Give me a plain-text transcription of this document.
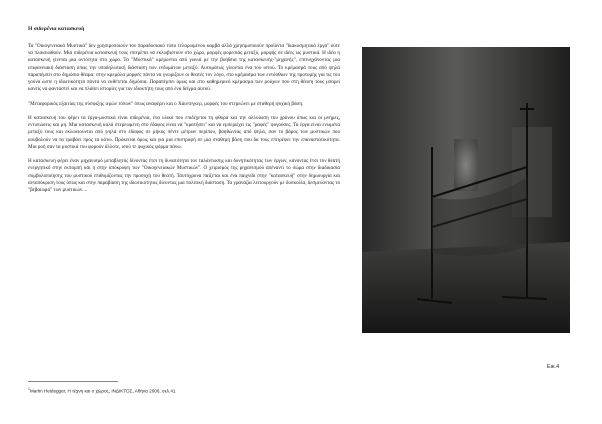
Η σιδερένια κατασκευή

Τα "Οικογενειακά Μυστικά" δεν χρησιμοποιούν τον παραδοσιακό τύπο τελαρωμένου καμβά αλλά χρησιμοποιούν προϊόντα "διακοσμητικά έργα" ούτε να πλαισιωθούν. Μια σιδερένια κατασκευή τους επιτρέπει να εκλωβιστούν στο χώρο, μορφές φορεσιάς μεταξύ, μορφής σε ιδέες ως μυστικά. Η ιδέα η κατασκευή γίνεται μια οντότητα στο χώρο. Τα "Μυστικά" κρέμονται από γωνιά με την βοήθεια της κατασκευής-"μηχανής", επιτυγχάνοντας μια επιφανειακή διάσταση όπως την υποδηλωτική διάσταση των ενδυμάτων μεταξύ. Αυτομάτως γίνονται ένα του ιστού. Το κρέμασμά τους από ψηλά παραπέμπει στο δημόσιο θέαμα: στην κρεμάλα μορφές πάντα να γνωρίζουν οι θεατές τον λόγο, στο κρέμασμα των εντόσθιων της προτομής για τις του γούνα ώστε η ιδιωτικότητα πάντα να εκθέτεται δημόσια. Παραπέμπει όμως και στο καθημερινό κρέμασμα των ρούχων που στη θέαση τους μπορεί κανείς να φανταστεί και να πλάσει ιστορίες για τον ιδιοκτήτη τους από ένα δείγμα αυτού.

"Μεταφορικός εξαιτίας της σύσφιξης ιερών τόπων" όπως αναφέρει και ο Χάιντεγκερ, μορφές του στερεώνει με σταθερή ψυχική βάση.

Η κατασκευή του φέρει τα έργα-μυστικά είναι σιδερένια, ένα υλικό που επιδέχεται τη φθορά και την αλλοίωση του χρόνου όπως και οι μνήμες, εντυπώσεις και μη. Μια κατασκευή καλά στερεωμένη στο έδαφος είναι να "κρατήσει" και να εμπεριέχει τις "ραφές" φυγούσες. Τα έργα είναι ενωμένα μεταξύ τους και εκλωνιουνται από ψηλά στο έδαφος σε μήκος πέντε μέτρων περίπου, βοηθώντας από ψηλά, σαν το βάρος των μυστικών που κουβαλούν να τα τραβάει προς τα κάτω. Πρόκειται όμως και για μια επιστροφή σε μια σταθερή βάση που δα τους επιτρέψει την επαναστατικότητα. Μια ροή σαν τα μυστικά του φορούν άλλοτε, ισού τε φυχικός φόρμα πάνω.

Η κατασκευή φέρει έναν μηχανισμό μεταβλητός δίνοντας έτσι τη δυνατότητα τον ταλάντωσης και δυνητικότητας των έργων, κάνοντας έτσι τον θεατή ενεργητικό στην εκπομπή και η στην απόκρυψη των "Οικογενειακών Μυστικών". Ο χειρισμός της μηχανισμού απέναντι το σώμα στην διαδικασία συμβολοποίησης του μυστικού επιθυμίζοντας την προσοχή του θεατή. Ταυτόχρονα παίζεται και ένα παιχνίδι στην "κατασκευή" στην δημιουργία και ανταπόκριση τους όπως και στην παραβίαση της ιδιωτικότητας δίνοντας μια πολιτική διάσταση. Τα γρανάζια λειτουργούν με δυσκολία, δεσμεύοντας το "βεβαίωμα" των μυστικών....

Εικ.4
$^1$Martin Heidegger, Η τέχνη και ο χώρος, ΙΝΔΙΚΤΟΣ, Αθήνα 2006, σελ.41
